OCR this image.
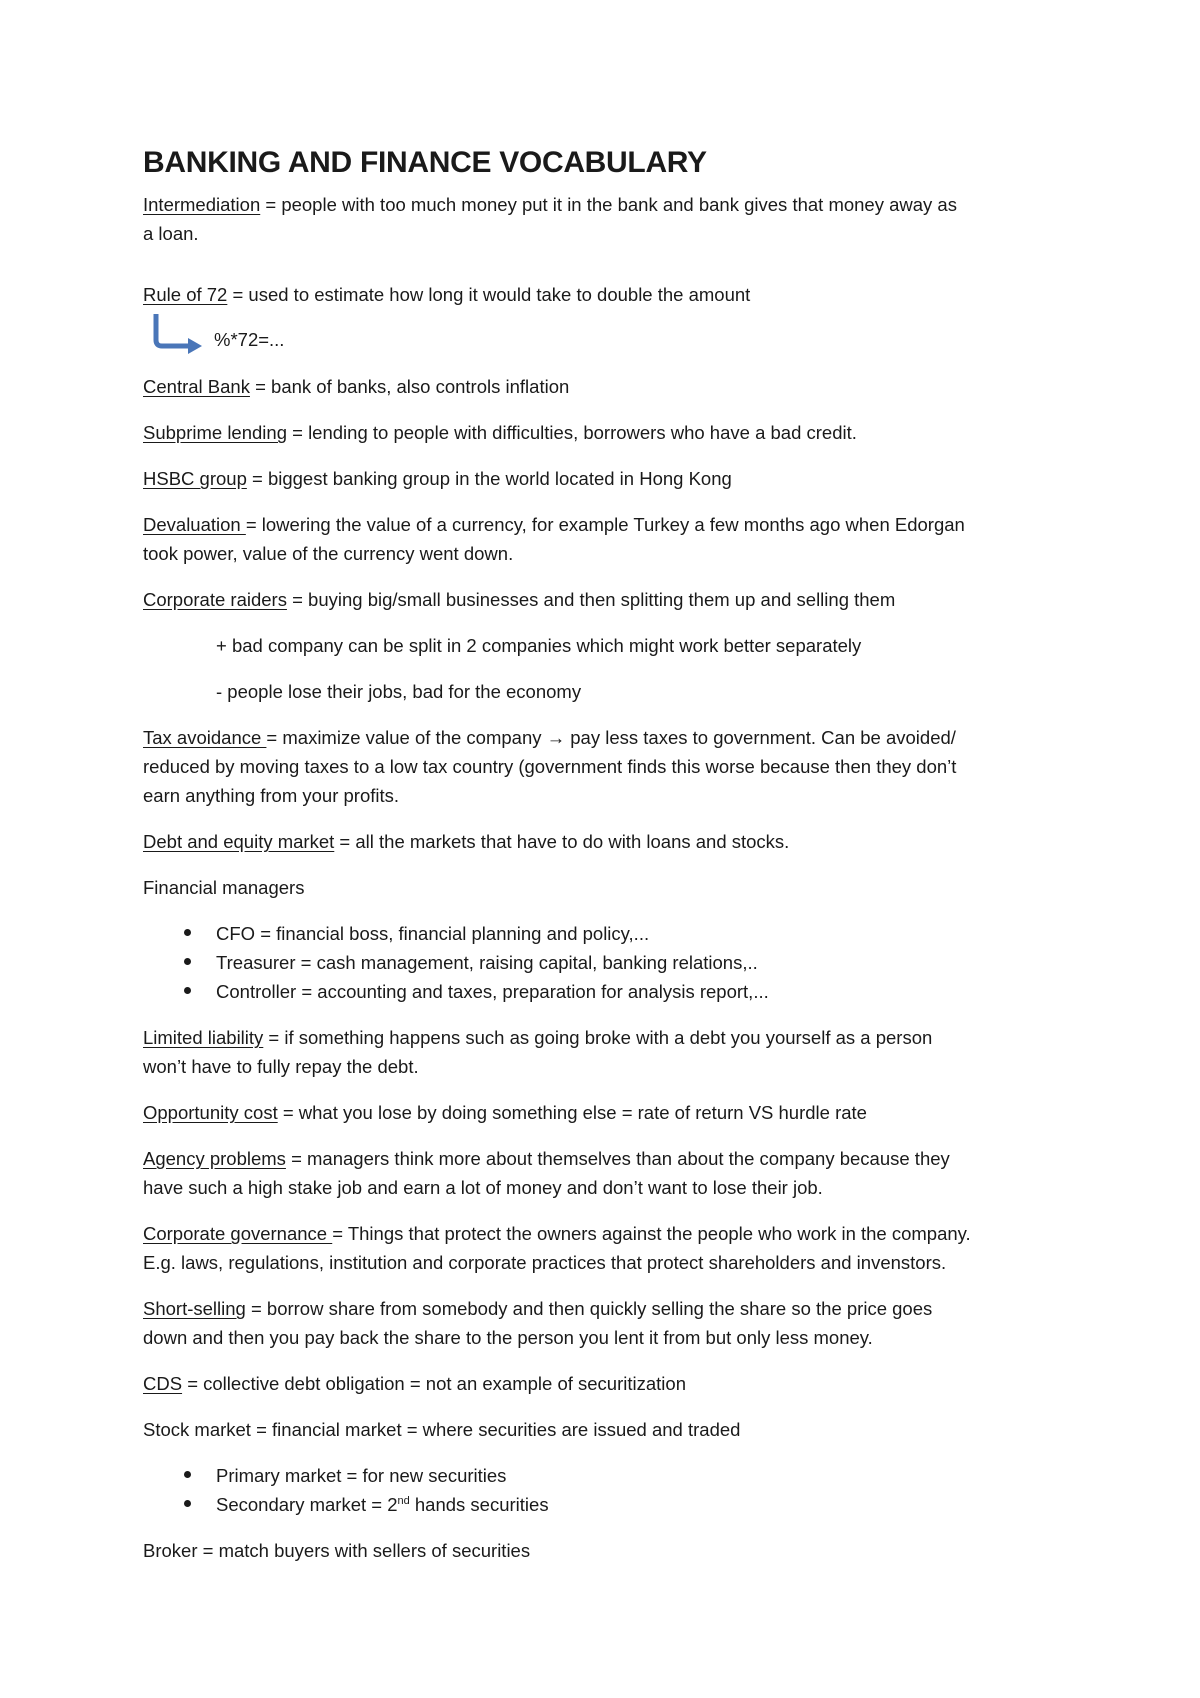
BANKING AND FINANCE VOCABULARY

Intermediation = people with too much money put it in the bank and bank gives that money away as

a loan.

Rule of 72 = used to estimate how long it would take to double the amount

%*72=...

Central Bank = bank of banks, also controls inflation

Subprime lending = lending to people with difficulties, borrowers who have a bad credit.

HSBC group = biggest banking group in the world located in Hong Kong

Devaluation = lowering the value of a currency, for example Turkey a few months ago when Edorgan

took power, value of the currency went down.

Corporate raiders = buying big/small businesses and then splitting them up and selling them

+ bad company can be split in 2 companies which might work better separately

- people lose their jobs, bad for the economy

Tax avoidance = maximize value of the company → pay less taxes to government. Can be avoided/

reduced by moving taxes to a low tax country (government finds this worse because then they don’t

earn anything from your profits.

Debt and equity market = all the markets that have to do with loans and stocks.

Financial managers

CFO = financial boss, financial planning and policy,...

Treasurer = cash management, raising capital, banking relations,..

Controller = accounting and taxes, preparation for analysis report,...

Limited liability = if something happens such as going broke with a debt you yourself as a person

won’t have to fully repay the debt.

Opportunity cost = what you lose by doing something else = rate of return VS hurdle rate

Agency problems = managers think more about themselves than about the company because they

have such a high stake job and earn a lot of money and don’t want to lose their job.

Corporate governance = Things that protect the owners against the people who work in the company.

E.g. laws, regulations, institution and corporate practices that protect shareholders and invenstors.

Short-selling = borrow share from somebody and then quickly selling the share so the price goes

down and then you pay back the share to the person you lent it from but only less money.

CDS = collective debt obligation = not an example of securitization

Stock market = financial market = where securities are issued and traded

Primary market = for new securities

Secondary market = 2nd hands securities

Broker = match buyers with sellers of securities
